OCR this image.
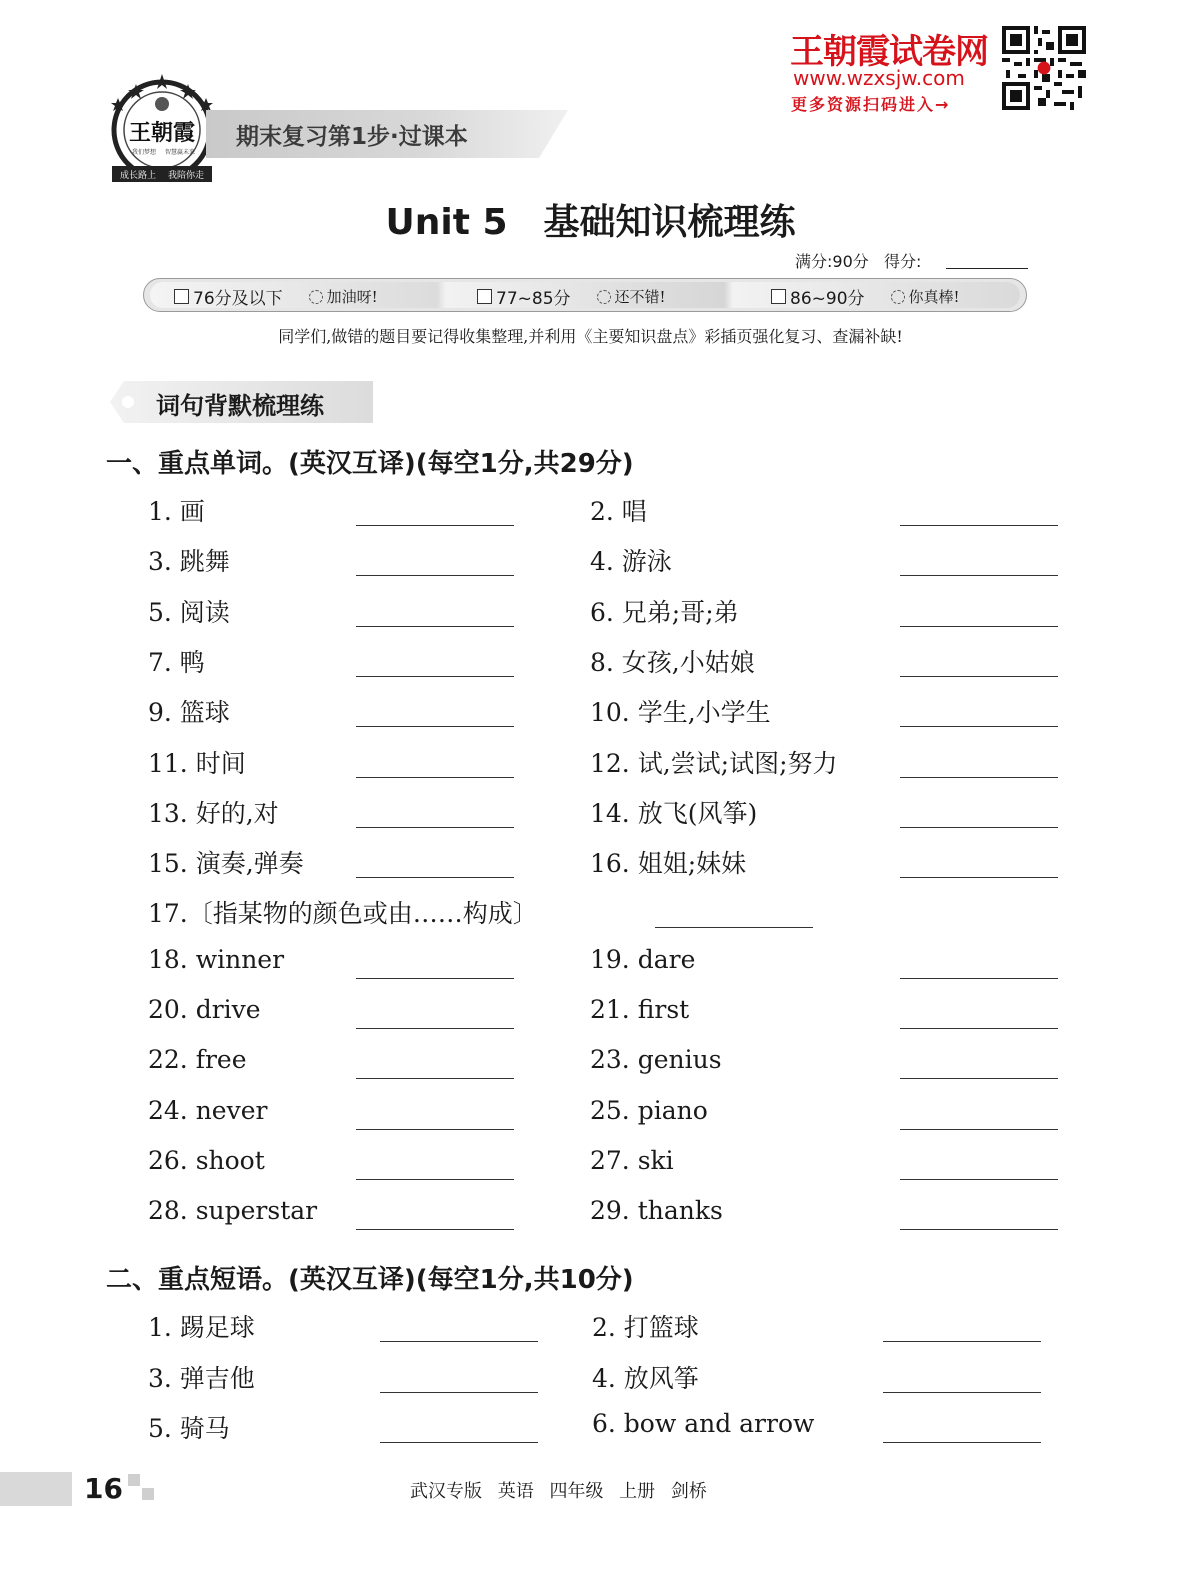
王朝霞
我们梦想 智慧赢未来
成长路上 我陪你走
期末复习第1步·过课本
王朝霞试卷网
www.wzxsjw.com
更多资源扫码进入→
Unit 5　基础知识梳理练
满分:90分 得分:
76分及以下	加油呀!	77~85分	还不错!	86~90分	你真棒!
同学们,做错的题目要记得收集整理,并利用《主要知识盘点》彩插页强化复习、查漏补缺!
词句背默梳理练
一、重点单词。(英汉互译)(每空1分,共29分)
1. 画	2. 唱
3. 跳舞	4. 游泳
5. 阅读	6. 兄弟;哥;弟
7. 鸭	8. 女孩,小姑娘
9. 篮球	10. 学生,小学生
11. 时间	12. 试,尝试;试图;努力
13. 好的,对	14. 放飞(风筝)
15. 演奏,弹奏	16. 姐姐;妹妹
17.〔指某物的颜色或由……构成〕
18. winner	19. dare
20. drive	21. first
22. free	23. genius
24. never	25. piano
26. shoot	27. ski
28. superstar	29. thanks
二、重点短语。(英汉互译)(每空1分,共10分)
1. 踢足球	2. 打篮球
3. 弹吉他	4. 放风筝
5. 骑马	6. bow and arrow
16	武汉专版 英语 四年级 上册 剑桥
